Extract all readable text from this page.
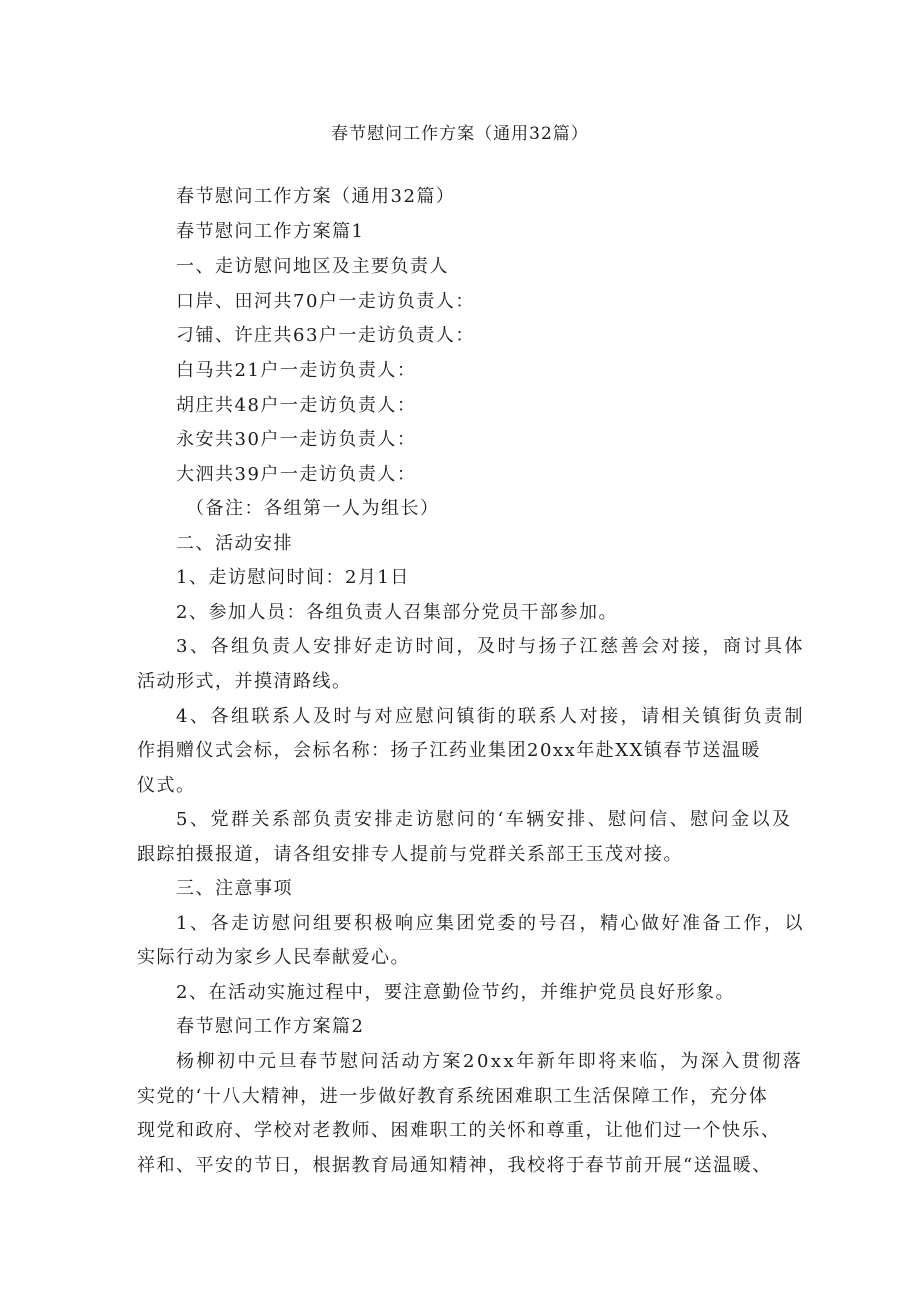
春节慰问工作方案（通用32篇）
春节慰问工作方案（通用32篇）
春节慰问工作方案篇1
一、走访慰问地区及主要负责人
口岸、田河共70户一走访负责人：
刁铺、许庄共63户一走访负责人：
白马共21户一走访负责人：
胡庄共48户一走访负责人：
永安共30户一走访负责人：
大泗共39户一走访负责人：
（备注：各组第一人为组长）
二、活动安排
1、走访慰问时间：2月1日
2、参加人员：各组负责人召集部分党员干部参加。
3、各组负责人安排好走访时间，及时与扬子江慈善会对接，商讨具体
活动形式，并摸清路线。
4、各组联系人及时与对应慰问镇街的联系人对接，请相关镇街负责制
作捐赠仪式会标，会标名称：扬子江药业集团20xx年赴XX镇春节送温暖
仪式。
5、党群关系部负责安排走访慰问的‘车辆安排、慰问信、慰问金以及
跟踪拍摄报道，请各组安排专人提前与党群关系部王玉茂对接。
三、注意事项
1、各走访慰问组要积极响应集团党委的号召，精心做好准备工作，以
实际行动为家乡人民奉献爱心。
2、在活动实施过程中，要注意勤俭节约，并维护党员良好形象。
春节慰问工作方案篇2
杨柳初中元旦春节慰问活动方案20xx年新年即将来临，为深入贯彻落
实党的‘十八大精神，进一步做好教育系统困难职工生活保障工作，充分体
现党和政府、学校对老教师、困难职工的关怀和尊重，让他们过一个快乐、
祥和、平安的节日，根据教育局通知精神，我校将于春节前开展“送温暖、
